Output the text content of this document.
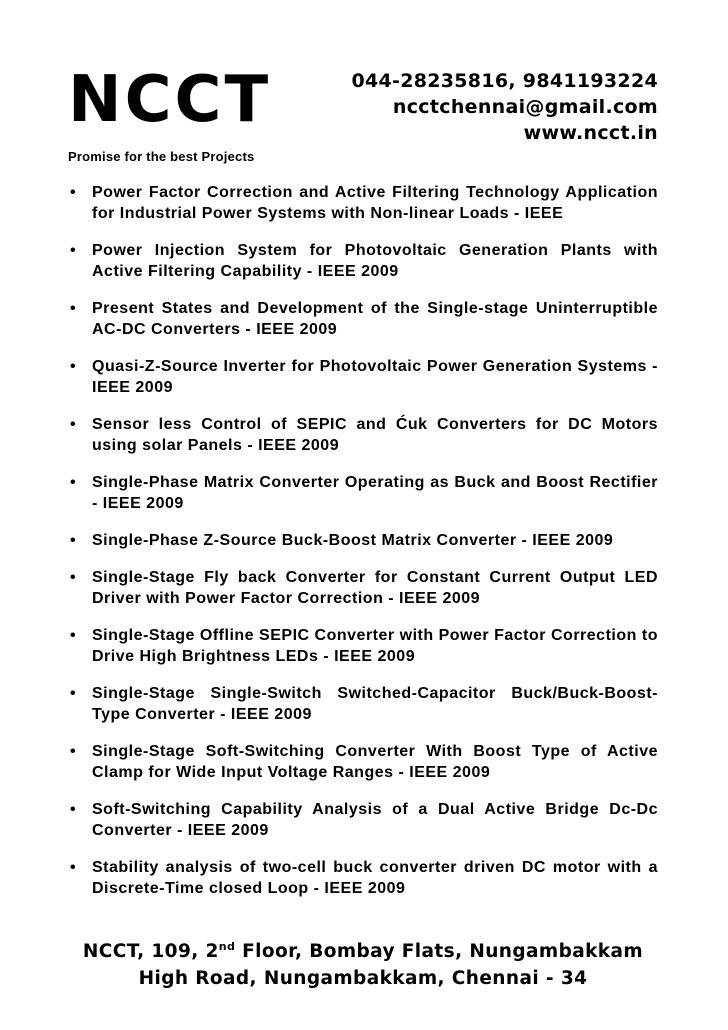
NCCT
Promise for the best Projects
044-28235816, 9841193224
ncctchennai@gmail.com
www.ncct.in
• Power Factor Correction and Active Filtering Technology Application for Industrial Power Systems with Non-linear Loads - IEEE
• Power Injection System for Photovoltaic Generation Plants with Active Filtering Capability - IEEE 2009
• Present States and Development of the Single-stage Uninterruptible AC-DC Converters - IEEE 2009
• Quasi-Z-Source Inverter for Photovoltaic Power Generation Systems - IEEE 2009
• Sensor less Control of SEPIC and Ćuk Converters for DC Motors using solar Panels - IEEE 2009
• Single-Phase Matrix Converter Operating as Buck and Boost Rectifier - IEEE 2009
• Single-Phase Z-Source Buck-Boost Matrix Converter - IEEE 2009
• Single-Stage Fly back Converter for Constant Current Output LED Driver with Power Factor Correction - IEEE 2009
• Single-Stage Offline SEPIC Converter with Power Factor Correction to Drive High Brightness LEDs - IEEE 2009
• Single-Stage Single-Switch Switched-Capacitor Buck/Buck-Boost-Type Converter - IEEE 2009
• Single-Stage Soft-Switching Converter With Boost Type of Active Clamp for Wide Input Voltage Ranges - IEEE 2009
• Soft-Switching Capability Analysis of a Dual Active Bridge Dc-Dc Converter - IEEE 2009
• Stability analysis of two-cell buck converter driven DC motor with a Discrete-Time closed Loop - IEEE 2009
NCCT, 109, 2nd Floor, Bombay Flats, Nungambakkam
High Road, Nungambakkam, Chennai - 34
